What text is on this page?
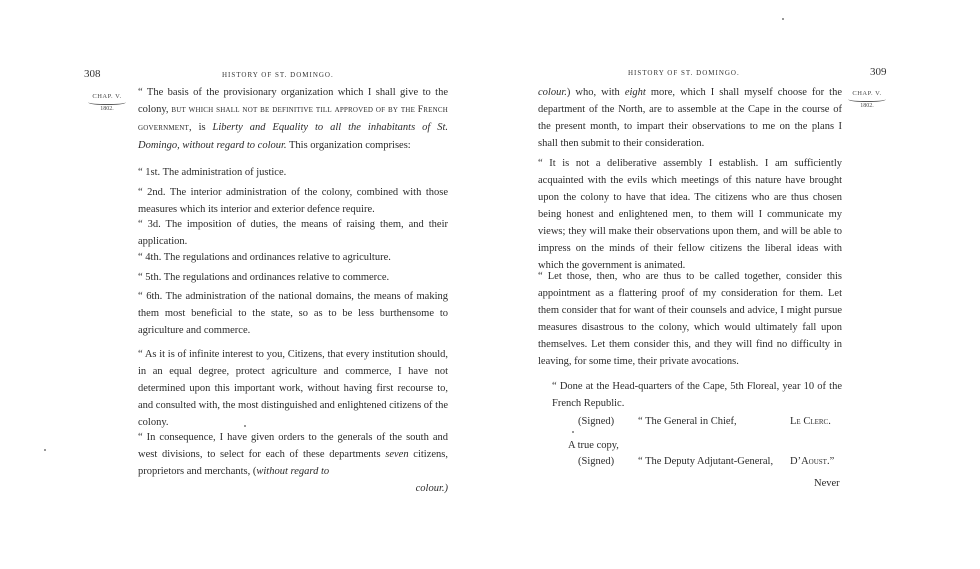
308	HISTORY OF ST. DOMINGO.
CHAP. V.
1802.
“ The basis of the provisionary organization which I shall give to the colony, but which shall not be definitive till approved of by the French government, is Liberty and Equality to all the inhabitants of St. Domingo, without regard to colour. This organization comprises:
“ 1st. The administration of justice.
“ 2nd. The interior administration of the colony, combined with those measures which its interior and exterior defence require.
“ 3d. The imposition of duties, the means of raising them, and their application.
“ 4th. The regulations and ordinances relative to agriculture.
“ 5th. The regulations and ordinances relative to commerce.
“ 6th. The administration of the national domains, the means of making them most beneficial to the state, so as to be less burthensome to agriculture and commerce.
“ As it is of infinite interest to you, Citizens, that every institution should, in an equal degree, protect agriculture and commerce, I have not determined upon this important work, without having first recourse to, and consulted with, the most distinguished and enlightened citizens of the colony.
“ In consequence, I have given orders to the generals of the south and west divisions, to select for each of these departments seven citizens, proprietors and merchants, (without regard to
colour.)
HISTORY OF ST. DOMINGO.	309
CHAP. V.
1802.
colour.) who, with eight more, which I shall myself choose for the department of the North, are to assemble at the Cape in the course of the present month, to impart their observations to me on the plans I shall then submit to their consideration.
“ It is not a deliberative assembly I establish. I am sufficiently acquainted with the evils which meetings of this nature have brought upon the colony to have that idea. The citizens who are thus chosen being honest and enlightened men, to them will I communicate my views; they will make their observations upon them, and will be able to impress on the minds of their fellow citizens the liberal ideas with which the government is animated.
“ Let those, then, who are thus to be called together, consider this appointment as a flattering proof of my consideration for them. Let them consider that for want of their counsels and advice, I might pursue measures disastrous to the colony, which would ultimately fall upon themselves. Let them consider this, and they will find no difficulty in leaving, for some time, their private avocations.
“ Done at the Head-quarters of the Cape, 5th Floreal, year 10 of the French Republic.
(Signed) “ The General in Chief,	Le Clerc.
A true copy,
(Signed) “ The Deputy Adjutant-General, D’Aoust.”
Never
